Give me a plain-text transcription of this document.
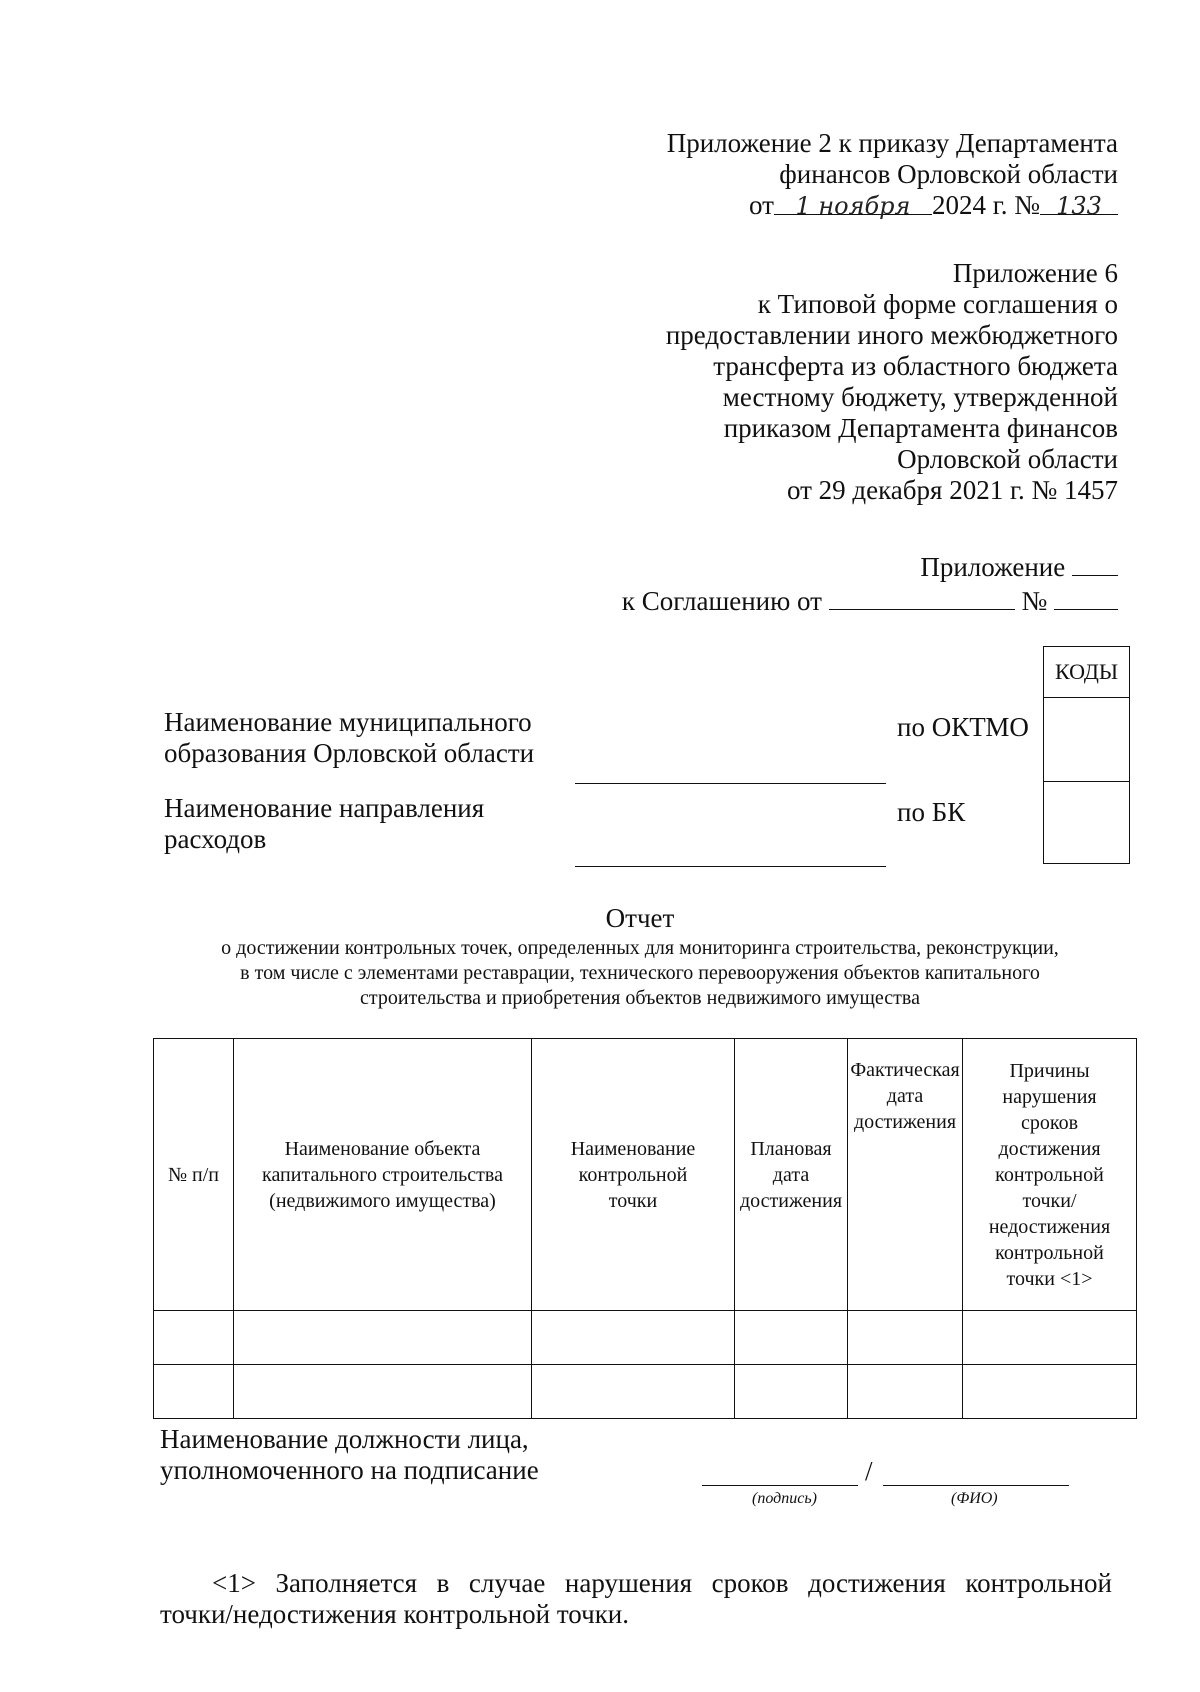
Приложение 2 к приказу Департамента
финансов Орловской области
от 1 ноября 2024 г. № 133
Приложение 6
к Типовой форме соглашения о
предоставлении иного межбюджетного
трансферта из областного бюджета
местному бюджету, утвержденной
приказом Департамента финансов
Орловской области
от 29 декабря 2021 г. № 1457
Приложение
к Соглашению от	№
КОДЫ
Наименование муниципального
образования Орловской области
по ОКТМО
Наименование направления
расходов
по БК
Отчет
о достижении контрольных точек, определенных для мониторинга строительства, реконструкции,
в том числе с элементами реставрации, технического перевооружения объектов капитального
строительства и приобретения объектов недвижимого имущества
№ п/п	Наименование объекта капитального строительства (недвижимого имущества)	Наименование контрольной точки	Плановая дата достижения	Фактическая дата достижения	Причины нарушения сроков достижения контрольной точки/ недостижения контрольной точки <1>

Наименование должности лица,
уполномоченного на подписание	/
(подпись)	(ФИО)
<1> Заполняется в случае нарушения сроков достижения контрольной
точки/недостижения контрольной точки.
